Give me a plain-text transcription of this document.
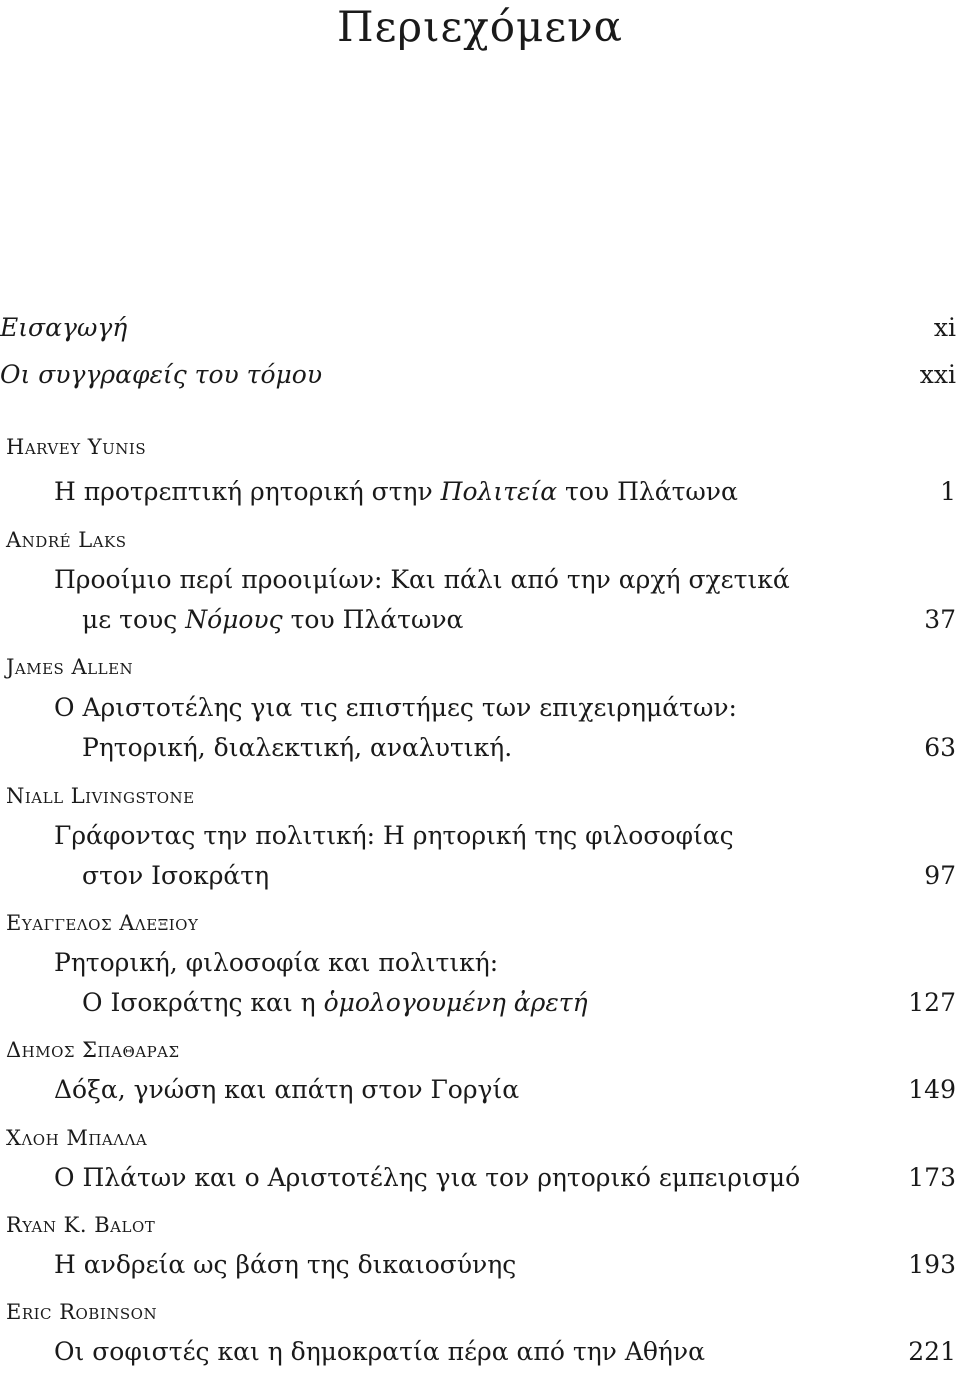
Περιεχόμενα
Εισαγωγή	xi
Οι συγγραφείς του τόμου	xxi
Harvey Yunis
Η προτρεπτική ρητορική στην Πολιτεία του Πλάτωνα	1
André Laks
Προοίμιο περί προοιμίων: Και πάλι από την αρχή σχετικά
με τους Νόμους του Πλάτωνα	37
James Allen
Ο Αριστοτέλης για τις επιστήμες των επιχειρημάτων:
Ρητορική, διαλεκτική, αναλυτική.	63
Niall Livingstone
Γράφοντας την πολιτική: Η ρητορική της φιλοσοφίας
στον Ισοκράτη	97
Ευαγγελος Αλεξιου
Ρητορική, φιλοσοφία και πολιτική:
Ο Ισοκράτης και η ὁμολογουμένη ἀρετή	127
Δημος Σπαθαρας
Δόξα, γνώση και απάτη στον Γοργία	149
Χλοη Μπαλλα
Ο Πλάτων και ο Αριστοτέλης για τον ρητορικό εμπειρισμό	173
Ryan K. Balot
Η ανδρεία ως βάση της δικαιοσύνης	193
Eric Robinson
Οι σοφιστές και η δημοκρατία πέρα από την Αθήνα	221
